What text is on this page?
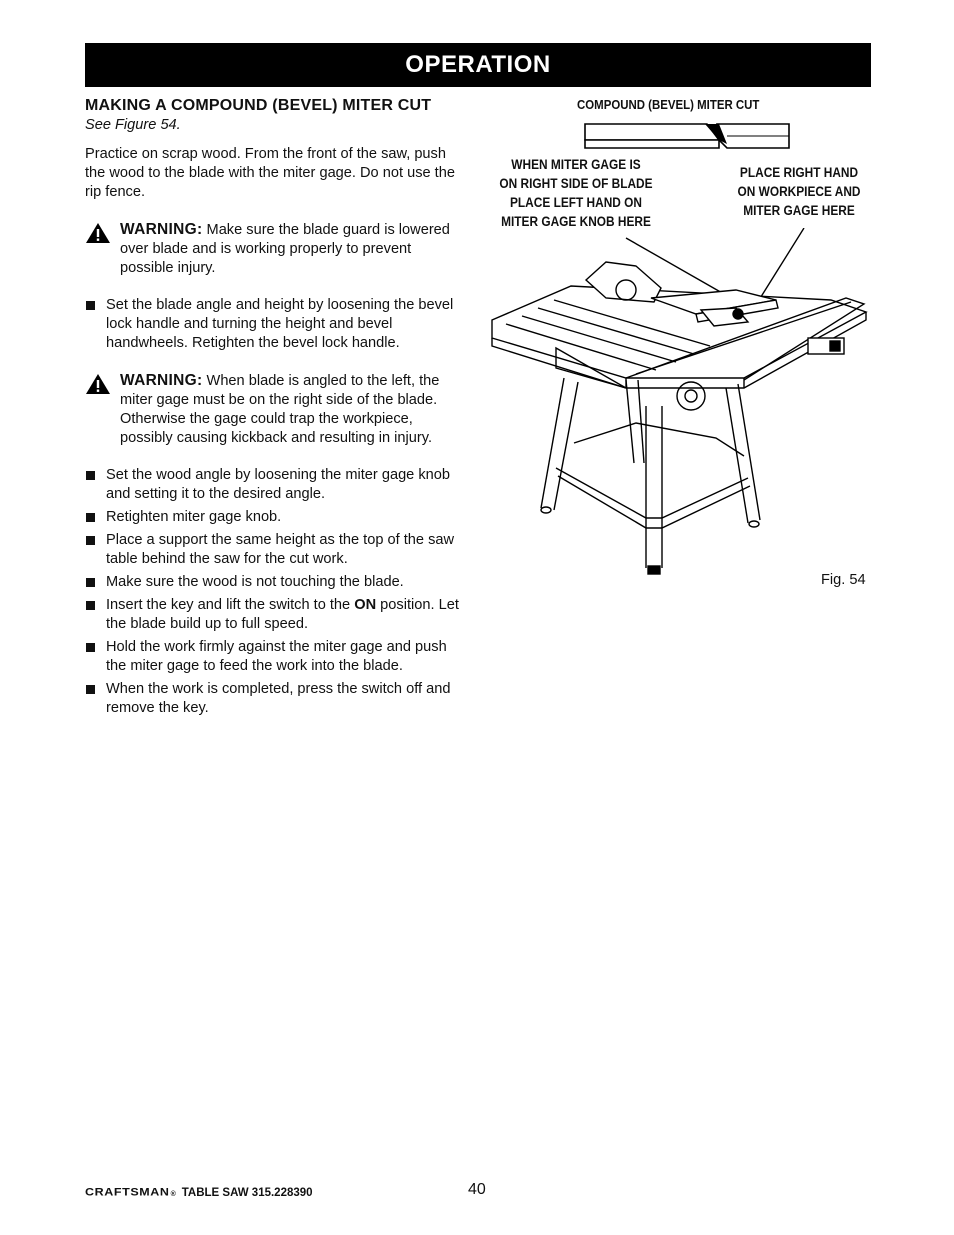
OPERATION

MAKING A COMPOUND (BEVEL) MITER CUT

See Figure 54.

Practice on scrap wood. From the front of the saw, push the wood to the blade with the miter gage. Do not use the rip fence.

WARNING: Make sure the blade guard is lowered over blade and is working properly to prevent possible injury.
Set the blade angle and height by loosening the bevel lock handle and turning the height and bevel handwheels. Retighten the bevel lock handle.
WARNING: When blade is angled to the left, the miter gage must be on the right side of the blade. Otherwise the gage could trap the workpiece, possibly causing kickback and resulting in injury.
Set the wood angle by loosening the miter gage knob and setting it to the desired angle.
Retighten miter gage knob.
Place a support the same height as the top of the saw table behind the saw for the cut work.
Make sure the wood is not touching the blade.
Insert the key and lift the switch to the ON position. Let the blade build up to full speed.
Hold the work firmly against the miter gage and push the miter gage to feed the work into the blade.
When the work is completed, press the switch off and remove the key.
COMPOUND (BEVEL) MITER CUT
WHEN MITER GAGE IS
ON RIGHT SIDE OF BLADE
PLACE LEFT HAND ON
MITER GAGE KNOB HERE
PLACE RIGHT HAND
ON WORKPIECE AND
MITER GAGE HERE
Fig. 54
$CRAFTSMAN_®$ TABLE SAW 315.228390	40
